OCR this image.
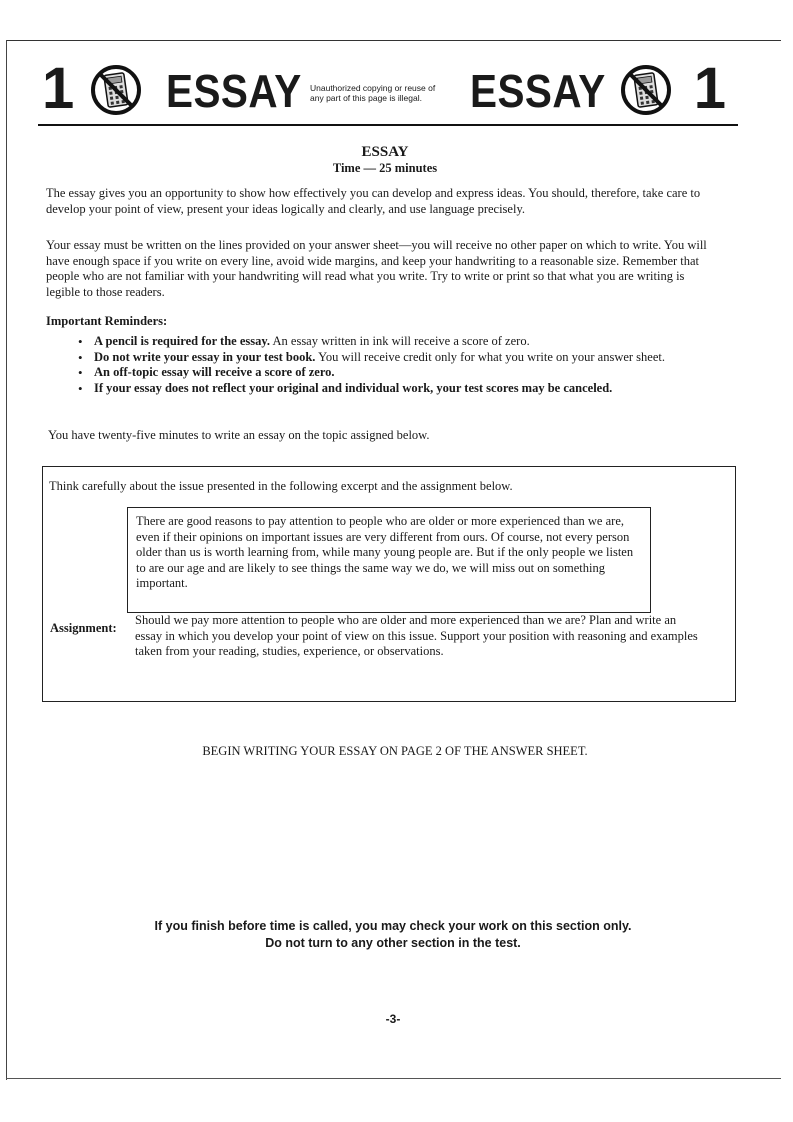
1 ESSAY Unauthorized copying or reuse of
any part of this page is illegal.	ESSAY 1
ESSAY
Time — 25 minutes

The essay gives you an opportunity to show how effectively you can develop and express ideas. You should, therefore, take care to develop your point of view, present your ideas logically and clearly, and use language precisely.

Your essay must be written on the lines provided on your answer sheet—you will receive no other paper on which to write. You will have enough space if you write on every line, avoid wide margins, and keep your handwriting to a reasonable size. Remember that people who are not familiar with your handwriting will read what you write. Try to write or print so that what you are writing is legible to those readers.

Important Reminders:
• A pencil is required for the essay. An essay written in ink will receive a score of zero.
• Do not write your essay in your test book. You will receive credit only for what you write on your answer sheet.
• An off-topic essay will receive a score of zero.
• If your essay does not reflect your original and individual work, your test scores may be canceled.
You have twenty-five minutes to write an essay on the topic assigned below.
Think carefully about the issue presented in the following excerpt and the assignment below.
There are good reasons to pay attention to people who are older or more experienced than we are, even if their opinions on important issues are very different from ours. Of course, not every person older than us is worth learning from, while many young people are. But if the only people we listen to are our age and are likely to see things the same way we do, we will miss out on something important.
Assignment:
Should we pay more attention to people who are older and more experienced than we are? Plan and write an essay in which you develop your point of view on this issue. Support your position with reasoning and examples taken from your reading, studies, experience, or observations.
BEGIN WRITING YOUR ESSAY ON PAGE 2 OF THE ANSWER SHEET.
If you finish before time is called, you may check your work on this section only.
Do not turn to any other section in the test.
-3-
